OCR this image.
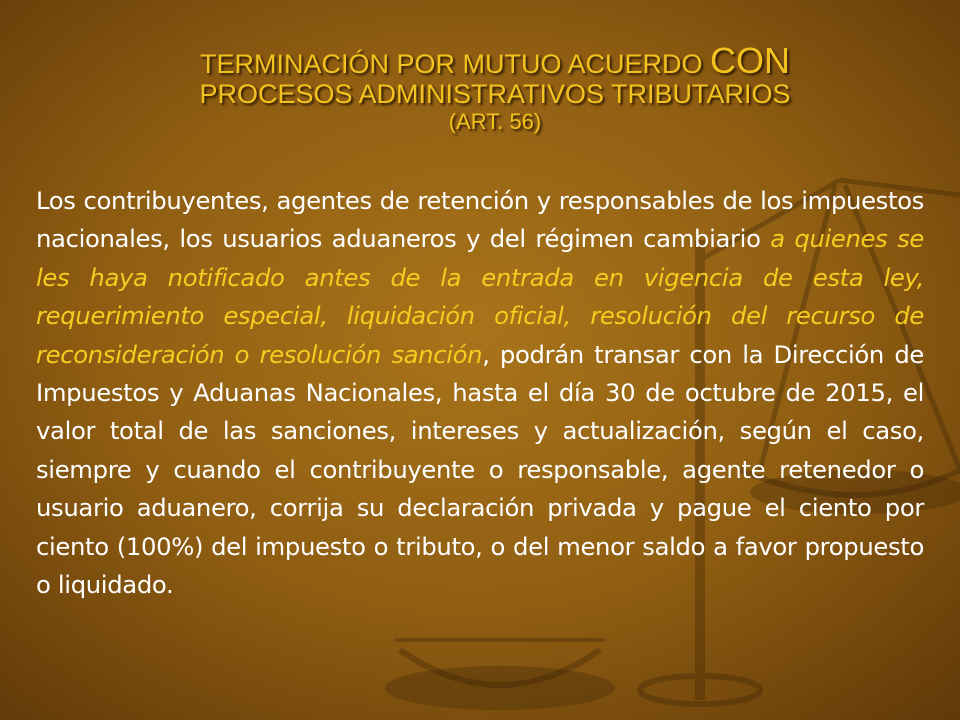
TERMINACIÓN POR MUTUO ACUERDO CON
PROCESOS ADMINISTRATIVOS TRIBUTARIOS
(ART. 56)
Los contribuyentes, agentes de retención y responsables de los impuestos nacionales, los usuarios aduaneros y del régimen cambiario a quienes se les haya notificado antes de la entrada en vigencia de esta ley, requerimiento especial, liquidación oficial, resolución del recurso de reconsideración o resolución sanción, podrán transar con la Dirección de Impuestos y Aduanas Nacionales, hasta el día 30 de octubre de 2015, el valor total de las sanciones, intereses y actualización, según el caso, siempre y cuando el contribuyente o responsable, agente retenedor o usuario aduanero, corrija su declaración privada y pague el ciento por ciento (100%) del impuesto o tributo, o del menor saldo a favor propuesto o liquidado.
